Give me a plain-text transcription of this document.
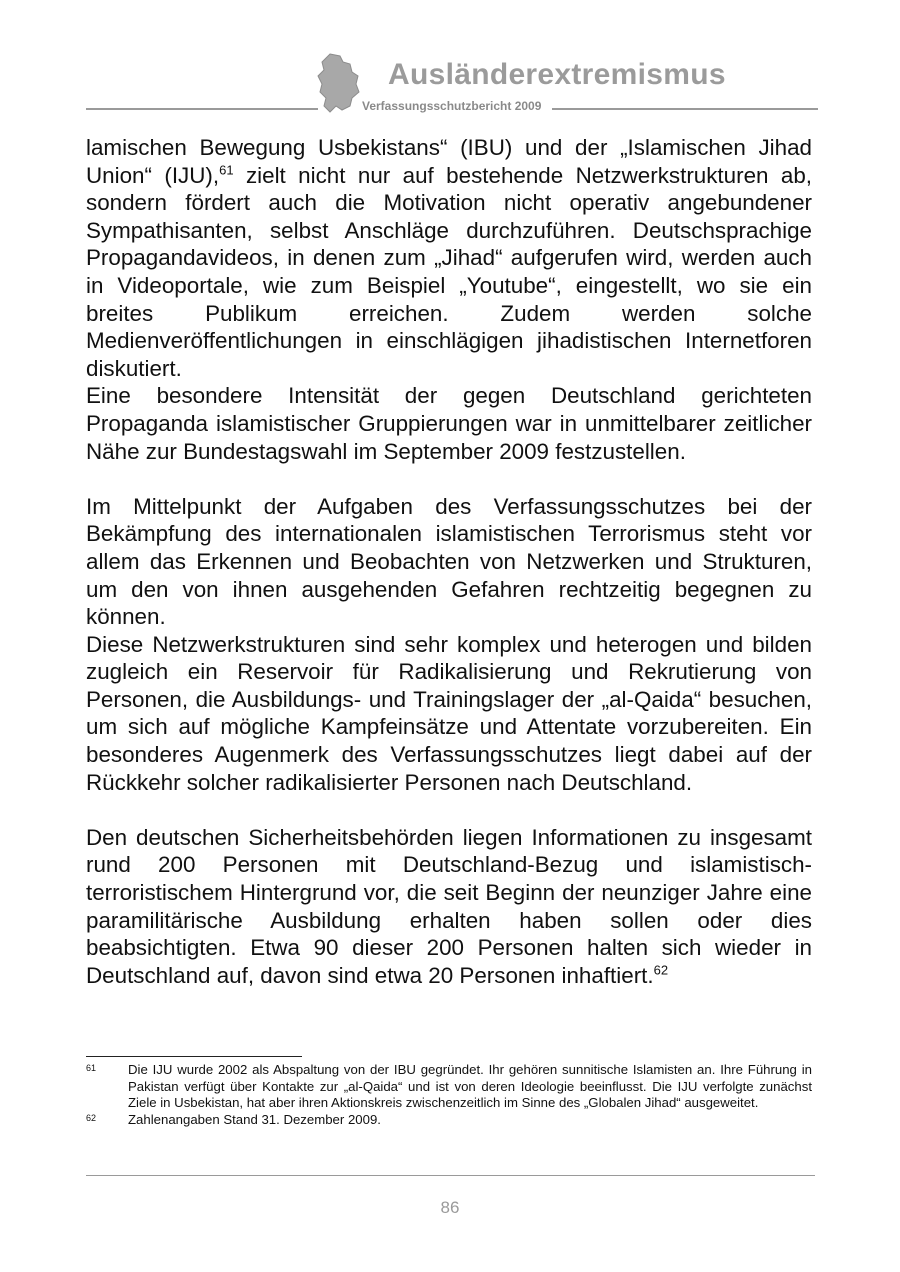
Ausländerextremismus
Verfassungsschutzbericht 2009

lamischen Bewegung Usbekistans“ (IBU) und der „Islamischen Jihad Union“ (IJU),$^{61}$ zielt nicht nur auf bestehende Netzwerkstrukturen ab, sondern fördert auch die Motivation nicht operativ angebundener Sympathisanten, selbst Anschläge durchzuführen. Deutschsprachige Propagandavideos, in denen zum „Jihad“ aufgerufen wird, werden auch in Videoportale, wie zum Beispiel „Youtube“, eingestellt, wo sie ein breites Publikum erreichen. Zudem werden solche Medienveröffentlichungen in einschlägigen jihadistischen Internetforen diskutiert.

Eine besondere Intensität der gegen Deutschland gerichteten Propaganda islamistischer Gruppierungen war in unmittelbarer zeitlicher Nähe zur Bundestagswahl im September 2009 festzustellen.

Im Mittelpunkt der Aufgaben des Verfassungsschutzes bei der Bekämpfung des internationalen islamistischen Terrorismus steht vor allem das Erkennen und Beobachten von Netzwerken und Strukturen, um den von ihnen ausgehenden Gefahren rechtzeitig begegnen zu können.

Diese Netzwerkstrukturen sind sehr komplex und heterogen und bilden zugleich ein Reservoir für Radikalisierung und Rekrutierung von Personen, die Ausbildungs- und Trainingslager der „al-Qaida“ besuchen, um sich auf mögliche Kampfeinsätze und Attentate vorzubereiten. Ein besonderes Augenmerk des Verfassungsschutzes liegt dabei auf der Rückkehr solcher radikalisierter Personen nach Deutschland.

Den deutschen Sicherheitsbehörden liegen Informationen zu insgesamt rund 200 Personen mit Deutschland-Bezug und islamistisch-terroristischem Hintergrund vor, die seit Beginn der neunziger Jahre eine paramilitärische Ausbildung erhalten haben sollen oder dies beabsichtigten. Etwa 90 dieser 200 Personen halten sich wieder in Deutschland auf, davon sind etwa 20 Personen inhaftiert.$^{62}$

61	Die IJU wurde 2002 als Abspaltung von der IBU gegründet. Ihr gehören sunnitische Islamisten an. Ihre Führung in Pakistan verfügt über Kontakte zur „al-Qaida“ und ist von deren Ideologie beeinflusst. Die IJU verfolgte zunächst Ziele in Usbekistan, hat aber ihren Aktionskreis zwischenzeitlich im Sinne des „Globalen Jihad“ ausgeweitet.
62	Zahlenangaben Stand 31. Dezember 2009.
86
